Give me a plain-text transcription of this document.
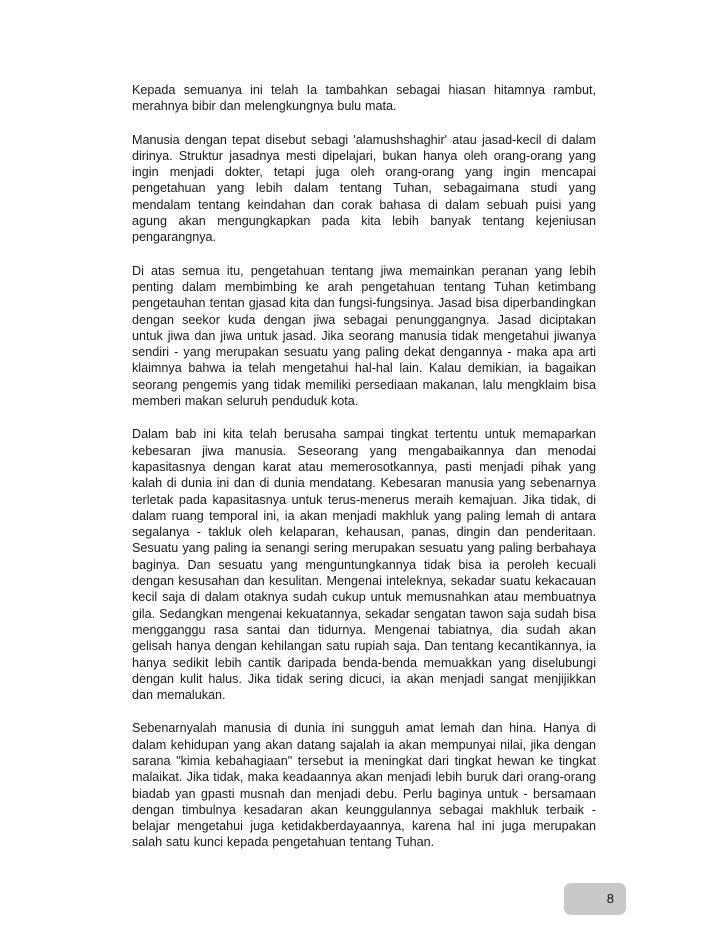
Kepada semuanya ini telah Ia tambahkan sebagai hiasan hitamnya rambut, merahnya bibir dan melengkungnya bulu mata.

Manusia dengan tepat disebut sebagi 'alamushshaghir' atau jasad-kecil di dalam dirinya. Struktur jasadnya mesti dipelajari, bukan hanya oleh orang-orang yang ingin menjadi dokter, tetapi juga oleh orang-orang yang ingin mencapai pengetahuan yang lebih dalam tentang Tuhan, sebagaimana studi yang mendalam tentang keindahan dan corak bahasa di dalam sebuah puisi yang agung akan mengungkapkan pada kita lebih banyak tentang kejeniusan pengarangnya.

Di atas semua itu, pengetahuan tentang jiwa memainkan peranan yang lebih penting dalam membimbing ke arah pengetahuan tentang Tuhan ketimbang pengetauhan tentan gjasad kita dan fungsi-fungsinya. Jasad bisa diperbandingkan dengan seekor kuda dengan jiwa sebagai penunggangnya. Jasad diciptakan untuk jiwa dan jiwa untuk jasad. Jika seorang manusia tidak mengetahui jiwanya sendiri - yang merupakan sesuatu yang paling dekat dengannya - maka apa arti klaimnya bahwa ia telah mengetahui hal-hal lain. Kalau demikian, ia bagaikan seorang pengemis yang tidak memiliki persediaan makanan, lalu mengklaim bisa memberi makan seluruh penduduk kota.

Dalam bab ini kita telah berusaha sampai tingkat tertentu untuk memaparkan kebesaran jiwa manusia. Seseorang yang mengabaikannya dan menodai kapasitasnya dengan karat atau memerosotkannya, pasti menjadi pihak yang kalah di dunia ini dan di dunia mendatang. Kebesaran manusia yang sebenarnya terletak pada kapasitasnya untuk terus-menerus meraih kemajuan. Jika tidak, di dalam ruang temporal ini, ia akan menjadi makhluk yang paling lemah di antara segalanya - takluk oleh kelaparan, kehausan, panas, dingin dan penderitaan. Sesuatu yang paling ia senangi sering merupakan sesuatu yang paling berbahaya baginya. Dan sesuatu yang menguntungkannya tidak bisa ia peroleh kecuali dengan kesusahan dan kesulitan. Mengenai inteleknya, sekadar suatu kekacauan kecil saja di dalam otaknya sudah cukup untuk memusnahkan atau membuatnya gila. Sedangkan mengenai kekuatannya, sekadar sengatan tawon saja sudah bisa mengganggu rasa santai dan tidurnya. Mengenai tabiatnya, dia sudah akan gelisah hanya dengan kehilangan satu rupiah saja. Dan tentang kecantikannya, ia hanya sedikit lebih cantik daripada benda-benda memuakkan yang diselubungi dengan kulit halus. Jika tidak sering dicuci, ia akan menjadi sangat menjijikkan dan memalukan.

Sebenarnyalah manusia di dunia ini sungguh amat lemah dan hina. Hanya di dalam kehidupan yang akan datang sajalah ia akan mempunyai nilai, jika dengan sarana "kimia kebahagiaan" tersebut ia meningkat dari tingkat hewan ke tingkat malaikat. Jika tidak, maka keadaannya akan menjadi lebih buruk dari orang-orang biadab yan gpasti musnah dan menjadi debu. Perlu baginya untuk - bersamaan dengan timbulnya kesadaran akan keunggulannya sebagai makhluk terbaik - belajar mengetahui juga ketidakberdayaannya, karena hal ini juga merupakan salah satu kunci kepada pengetahuan tentang Tuhan.

8
